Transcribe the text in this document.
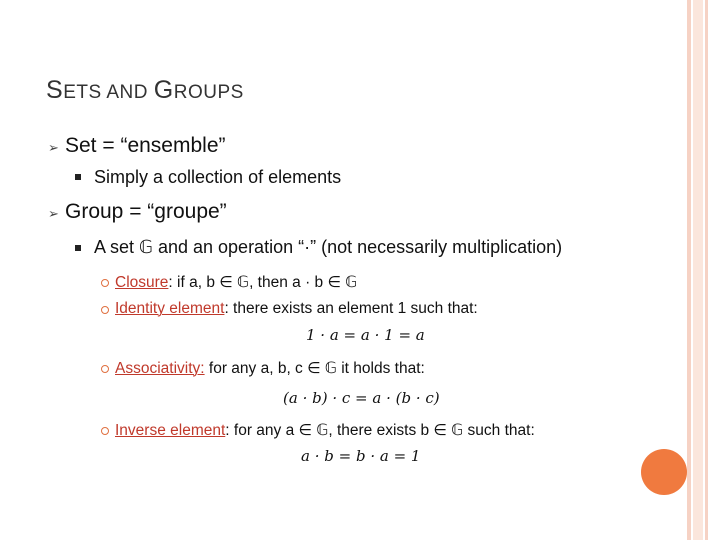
SETS AND GROUPS
➢ Set = “ensemble”
Simply a collection of elements
➢ Group = “groupe”
A set 𝔾 and an operation “·” (not necessarily multiplication)
Closure: if a, b ∈ 𝔾, then a · b ∈ 𝔾
Identity element: there exists an element 1 such that:
1 · a = a · 1 = a
Associativity: for any a, b, c ∈ 𝔾 it holds that:
(a · b) · c = a · (b · c)
Inverse element: for any a ∈ 𝔾, there exists b ∈ 𝔾 such that:
a · b = b · a = 1
